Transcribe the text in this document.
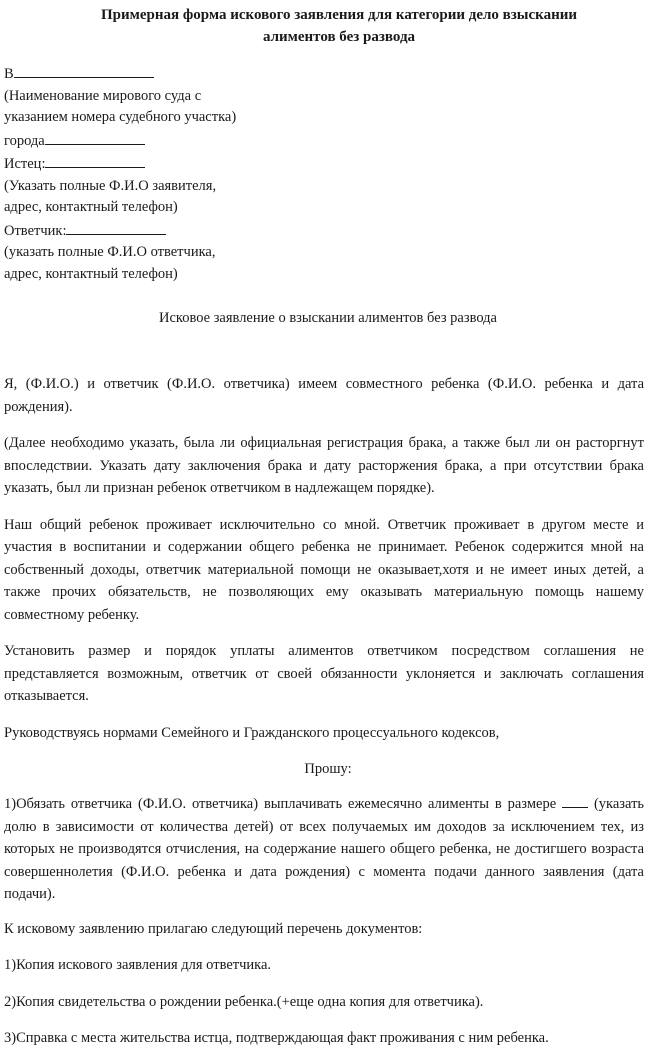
Примерная форма искового заявления для категории дело взыскании алиментов без развода
В
(Наименование мирового суда с
указанием номера судебного участка)
города
Истец:
(Указать полные Ф.И.О заявителя,
адрес, контактный телефон)
Ответчик:
(указать полные Ф.И.О ответчика,
адрес, контактный телефон)
Исковое заявление о взыскании алиментов без развода

Я, (Ф.И.О.) и ответчик (Ф.И.О. ответчика) имеем совместного ребенка (Ф.И.О. ребенка и дата рождения).

(Далее необходимо указать, была ли официальная регистрация брака, а также был ли он расторгнут впоследствии. Указать дату заключения брака и дату расторжения брака, а при отсутствии брака указать, был ли признан ребенок ответчиком в надлежащем порядке).

Наш общий ребенок проживает исключительно со мной. Ответчик проживает в другом месте и участия в воспитании и содержании общего ребенка не принимает. Ребенок содержится мной на собственный доходы, ответчик материальной помощи не оказывает,хотя и не имеет иных детей, а также прочих обязательств, не позволяющих ему оказывать материальную помощь нашему совместному ребенку.

Установить размер и порядок уплаты алиментов ответчиком посредством соглашения не представляется возможным, ответчик от своей обязанности уклоняется и заключать соглашения отказывается.

Руководствуясь нормами Семейного и Гражданского процессуального кодексов,

Прошу:

1)Обязать ответчика (Ф.И.О. ответчика) выплачивать ежемесячно алименты в размере	(указать долю в зависимости от количества детей) от всех получаемых им доходов за исключением тех, из которых не производятся отчисления, на содержание нашего общего ребенка, не достигшего возраста совершеннолетия (Ф.И.О. ребенка и дата рождения) с момента подачи данного заявления (дата подачи).

К исковому заявлению прилагаю следующий перечень документов:

1)Копия искового заявления для ответчика.

2)Копия свидетельства о рождении ребенка.(+еще одна копия для ответчика).

3)Справка с места жительства истца, подтверждающая факт проживания с ним ребенка.
